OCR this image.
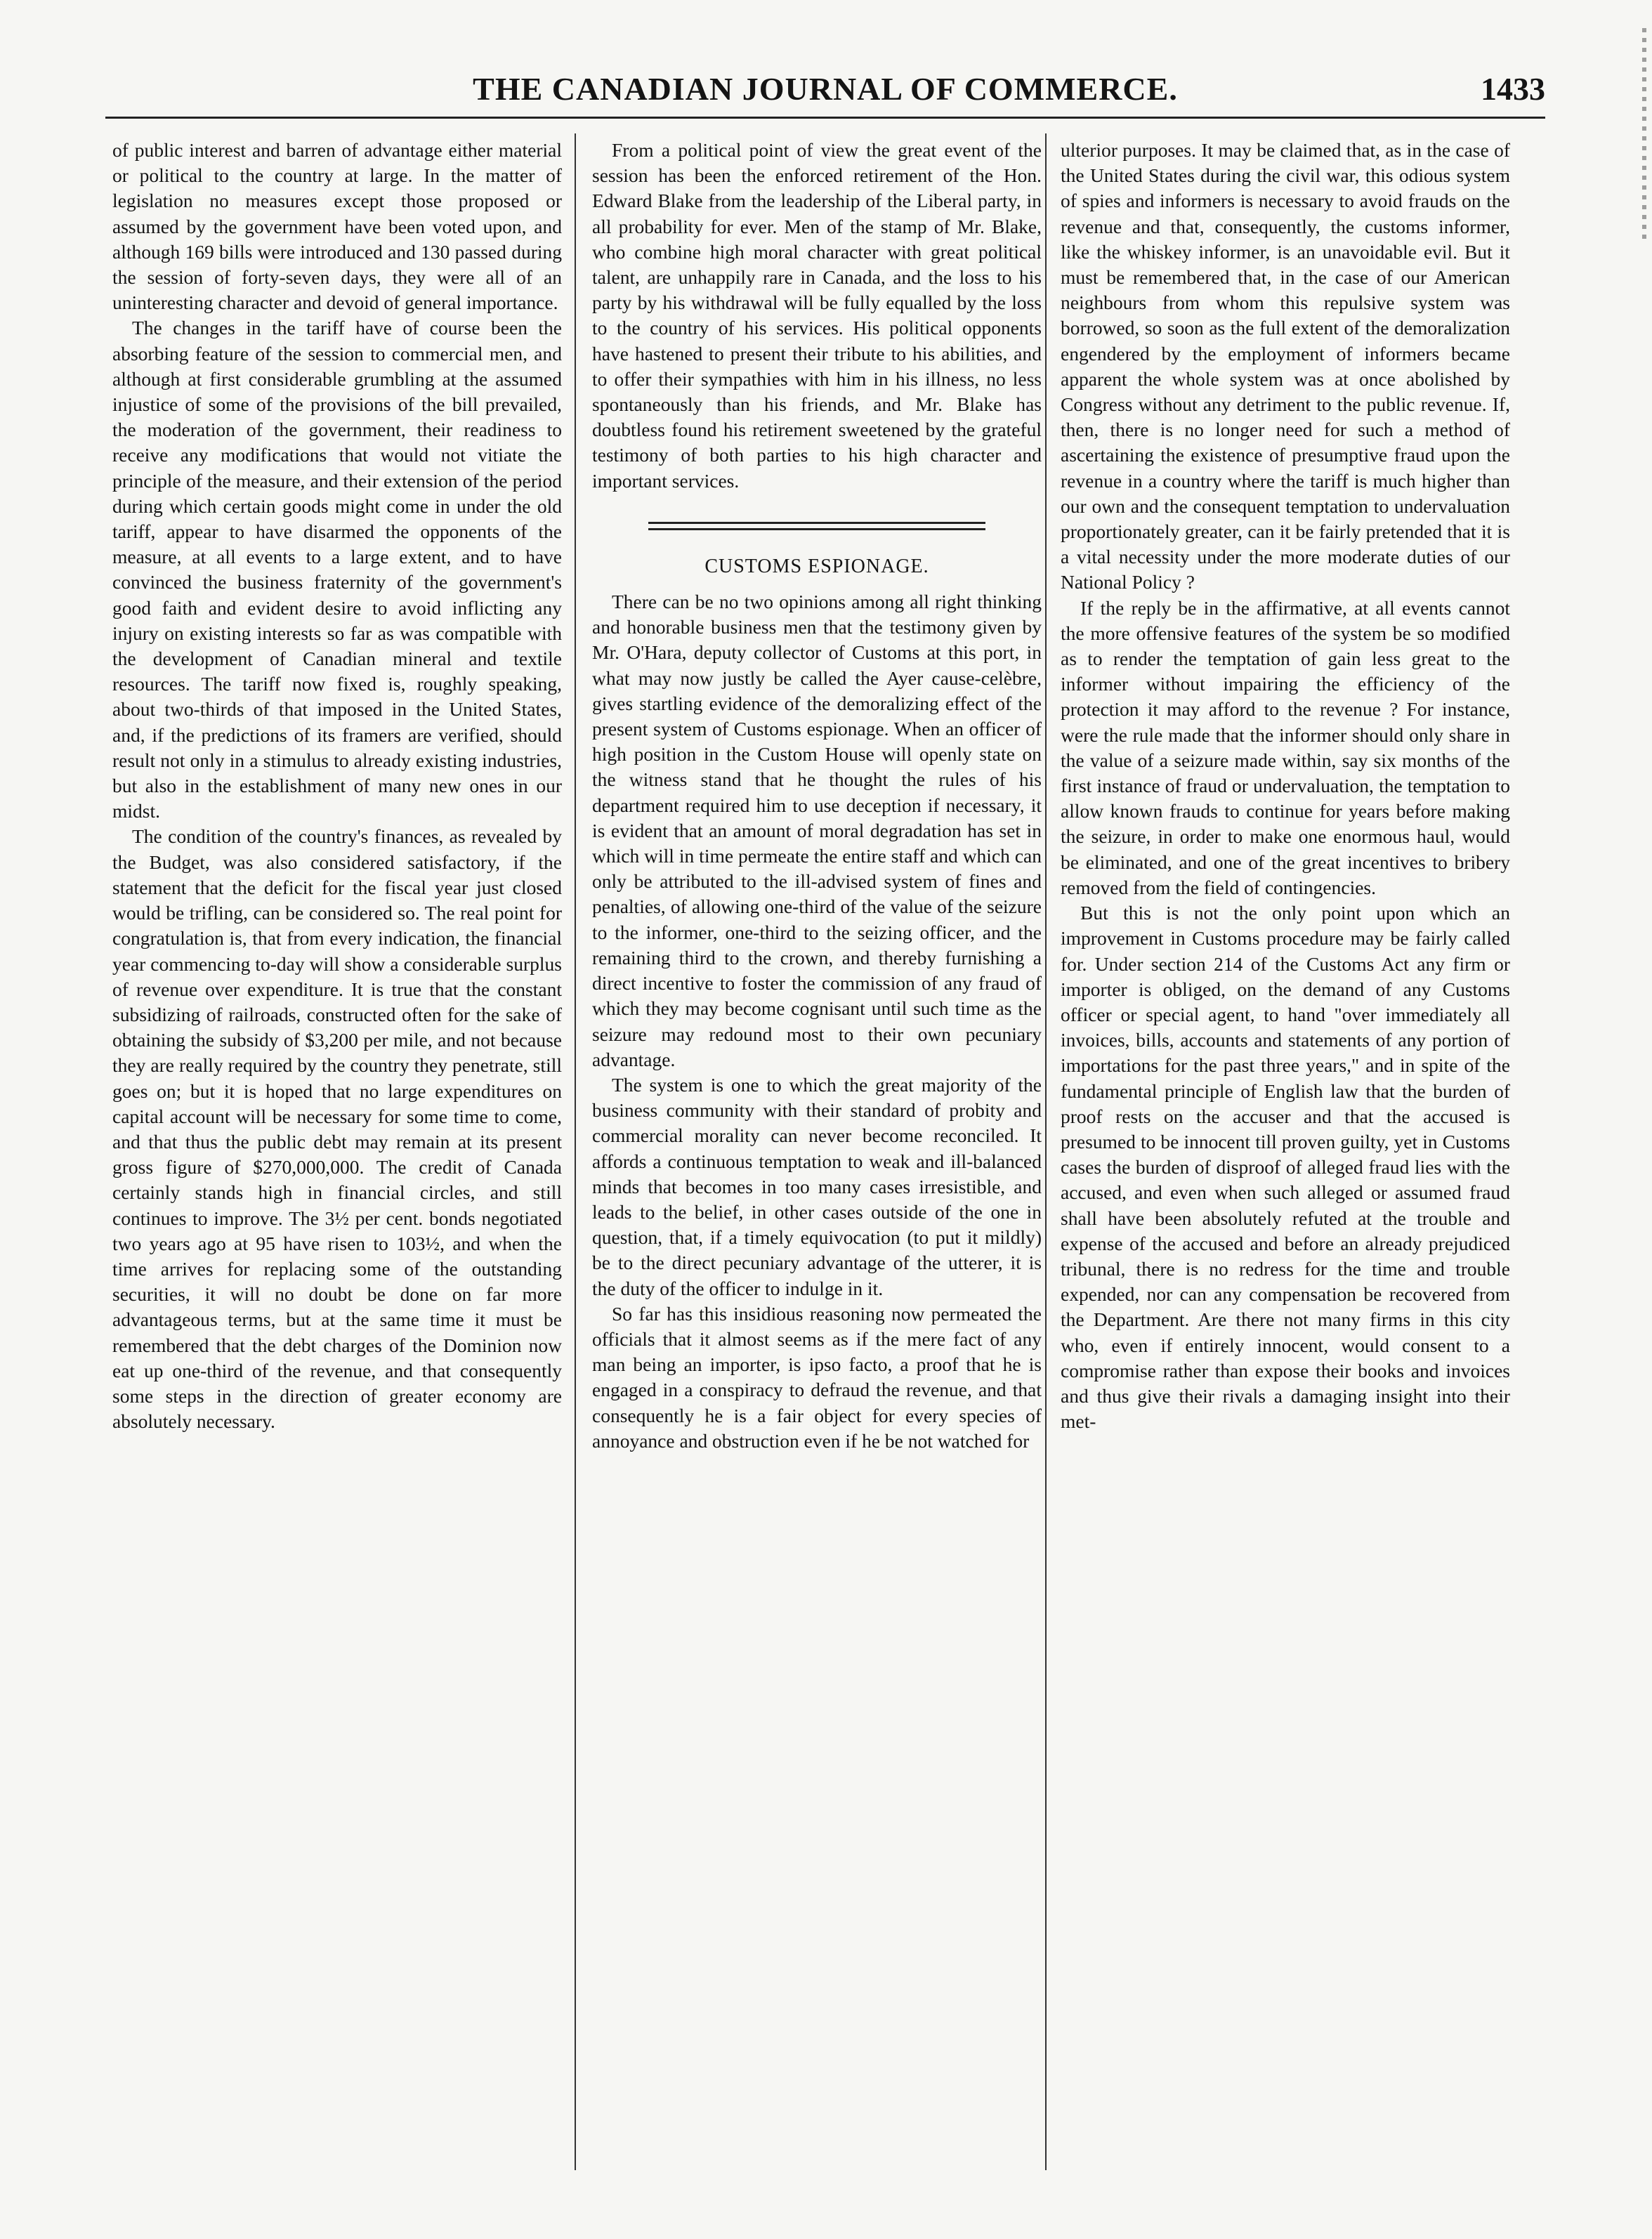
THE CANADIAN JOURNAL OF COMMERCE.	1433

of public interest and barren of advantage either material or political to the country at large. In the matter of legislation no measures except those proposed or assumed by the government have been voted upon, and although 169 bills were introduced and 130 passed during the session of forty-seven days, they were all of an uninteresting character and devoid of general importance.

The changes in the tariff have of course been the absorbing feature of the session to commercial men, and although at first considerable grumbling at the assumed injustice of some of the provisions of the bill prevailed, the moderation of the government, their readiness to receive any modifications that would not vitiate the principle of the measure, and their extension of the period during which certain goods might come in under the old tariff, appear to have disarmed the opponents of the measure, at all events to a large extent, and to have convinced the business fraternity of the government's good faith and evident desire to avoid inflicting any injury on existing interests so far as was compatible with the development of Canadian mineral and textile resources. The tariff now fixed is, roughly speaking, about two-thirds of that imposed in the United States, and, if the predictions of its framers are verified, should result not only in a stimulus to already existing industries, but also in the establishment of many new ones in our midst.

The condition of the country's finances, as revealed by the Budget, was also considered satisfactory, if the statement that the deficit for the fiscal year just closed would be trifling, can be considered so. The real point for congratulation is, that from every indication, the financial year commencing to-day will show a considerable surplus of revenue over expenditure. It is true that the constant subsidizing of railroads, constructed often for the sake of obtaining the subsidy of $3,200 per mile, and not because they are really required by the country they penetrate, still goes on; but it is hoped that no large expenditures on capital account will be necessary for some time to come, and that thus the public debt may remain at its present gross figure of $270,000,000. The credit of Canada certainly stands high in financial circles, and still continues to improve. The 3½ per cent. bonds negotiated two years ago at 95 have risen to 103½, and when the time arrives for replacing some of the outstanding securities, it will no doubt be done on far more advantageous terms, but at the same time it must be remembered that the debt charges of the Dominion now eat up one-third of the revenue, and that consequently some steps in the direction of greater economy are absolutely necessary.

From a political point of view the great event of the session has been the enforced retirement of the Hon. Edward Blake from the leadership of the Liberal party, in all probability for ever. Men of the stamp of Mr. Blake, who combine high moral character with great political talent, are unhappily rare in Canada, and the loss to his party by his withdrawal will be fully equalled by the loss to the country of his services. His political opponents have hastened to present their tribute to his abilities, and to offer their sympathies with him in his illness, no less spontaneously than his friends, and Mr. Blake has doubtless found his retirement sweetened by the grateful testimony of both parties to his high character and important services.

CUSTOMS ESPIONAGE.

There can be no two opinions among all right thinking and honorable business men that the testimony given by Mr. O'Hara, deputy collector of Customs at this port, in what may now justly be called the Ayer cause-celèbre, gives startling evidence of the demoralizing effect of the present system of Customs espionage. When an officer of high position in the Custom House will openly state on the witness stand that he thought the rules of his department required him to use deception if necessary, it is evident that an amount of moral degradation has set in which will in time permeate the entire staff and which can only be attributed to the ill-advised system of fines and penalties, of allowing one-third of the value of the seizure to the informer, one-third to the seizing officer, and the remaining third to the crown, and thereby furnishing a direct incentive to foster the commission of any fraud of which they may become cognisant until such time as the seizure may redound most to their own pecuniary advantage.

The system is one to which the great majority of the business community with their standard of probity and commercial morality can never become reconciled. It affords a continuous temptation to weak and ill-balanced minds that becomes in too many cases irresistible, and leads to the belief, in other cases outside of the one in question, that, if a timely equivocation (to put it mildly) be to the direct pecuniary advantage of the utterer, it is the duty of the officer to indulge in it.

So far has this insidious reasoning now permeated the officials that it almost seems as if the mere fact of any man being an importer, is ipso facto, a proof that he is engaged in a conspiracy to defraud the revenue, and that consequently he is a fair object for every species of annoyance and obstruction even if he be not watched for

ulterior purposes. It may be claimed that, as in the case of the United States during the civil war, this odious system of spies and informers is necessary to avoid frauds on the revenue and that, consequently, the customs informer, like the whiskey informer, is an unavoidable evil. But it must be remembered that, in the case of our American neighbours from whom this repulsive system was borrowed, so soon as the full extent of the demoralization engendered by the employment of informers became apparent the whole system was at once abolished by Congress without any detriment to the public revenue. If, then, there is no longer need for such a method of ascertaining the existence of presumptive fraud upon the revenue in a country where the tariff is much higher than our own and the consequent temptation to undervaluation proportionately greater, can it be fairly pretended that it is a vital necessity under the more moderate duties of our National Policy ?

If the reply be in the affirmative, at all events cannot the more offensive features of the system be so modified as to render the temptation of gain less great to the informer without impairing the efficiency of the protection it may afford to the revenue ? For instance, were the rule made that the informer should only share in the value of a seizure made within, say six months of the first instance of fraud or undervaluation, the temptation to allow known frauds to continue for years before making the seizure, in order to make one enormous haul, would be eliminated, and one of the great incentives to bribery removed from the field of contingencies.

But this is not the only point upon which an improvement in Customs procedure may be fairly called for. Under section 214 of the Customs Act any firm or importer is obliged, on the demand of any Customs officer or special agent, to hand "over immediately all invoices, bills, accounts and statements of any portion of importations for the past three years," and in spite of the fundamental principle of English law that the burden of proof rests on the accuser and that the accused is presumed to be innocent till proven guilty, yet in Customs cases the burden of disproof of alleged fraud lies with the accused, and even when such alleged or assumed fraud shall have been absolutely refuted at the trouble and expense of the accused and before an already prejudiced tribunal, there is no redress for the time and trouble expended, nor can any compensation be recovered from the Department. Are there not many firms in this city who, even if entirely innocent, would consent to a compromise rather than expose their books and invoices and thus give their rivals a damaging insight into their met-
